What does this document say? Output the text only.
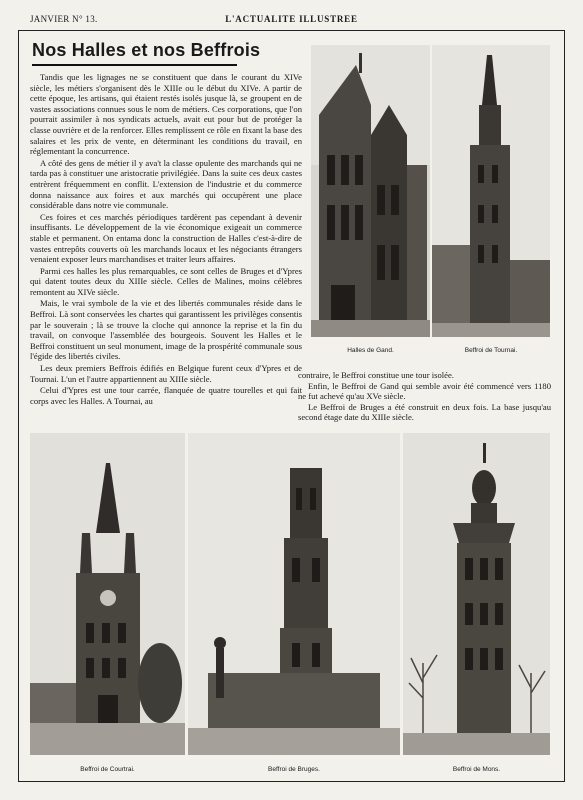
JANVIER N° 13.	L'ACTUALITE ILLUSTREE
Nos Halles et nos Beffrois

Tandis que les lignages ne se constituent que dans le courant du XIVe siècle, les métiers s'organisent dès le XIIIe ou le début du XIVe. A partir de cette époque, les artisans, qui étaient restés isolés jusque là, se groupent en de vastes associations connues sous le nom de métiers. Ces corporations, que l'on pourrait assimiler à nos syndicats actuels, avait eut pour but de protéger la classe ouvrière et de la renforcer. Elles remplissent ce rôle en fixant la base des salaires et les prix de vente, en déterminant les conditions du travail, en réglementant la concurrence.

A côté des gens de métier il y ava't la classe opulente des marchands qui ne tarda pas à constituer une aristocratie privilégiée. Dans la suite ces deux castes entrèrent fréquemment en conflit. L'extension de l'industrie et du commerce donna naissance aux foires et aux marchés qui occupèrent une place considérable dans notre vie communale.

Ces foires et ces marchés périodiques tardèrent pas cependant à devenir insuffisants. Le développement de la vie économique exigeait un commerce stable et permanent. On entama donc la construction de Halles c'est-à-dire de vastes entrepôts couverts où les marchands locaux et les négociants étrangers venaient exposer leurs marchandises et traiter leurs affaires.

Parmi ces halles les plus remarquables, ce sont celles de Bruges et d'Ypres qui datent toutes deux du XIIIe siècle. Celles de Malines, moins célèbres remontent au XIVe siècle.

Mais, le vrai symbole de la vie et des libertés communales réside dans le Beffroi. Là sont conservées les chartes qui garantissent les privilèges consentis par le souverain ; là se trouve la cloche qui annonce la reprise et la fin du travail, on convoque l'assemblée des bourgeois. Souvent les Halles et le Beffroi constituent un seul monument, image de la prospérité communale sous l'égide des libertés civiles.

Les deux premiers Beffrois édifiés en Belgique furent ceux d'Ypres et de Tournai. L'un et l'autre appartiennent au XIIIe siècle.

Celui d'Ypres est une tour carrée, flanquée de quatre tourelles et qui fait corps avec les Halles. A Tournai, au

contraire, le Beffroi constitue une tour isolée.

Enfin, le Beffroi de Gand qui semble avoir été commencé vers 1180 ne fut achevé qu'au XVe siècle.

Le Beffroi de Bruges a été construit en deux fois. La base jusqu'au second étage date du XIIIe siècle.

Halles de Gand.	Beffroi de Tournai.
Beffroi de Courtrai.	Beffroi de Bruges.	Beffroi de Mons.
